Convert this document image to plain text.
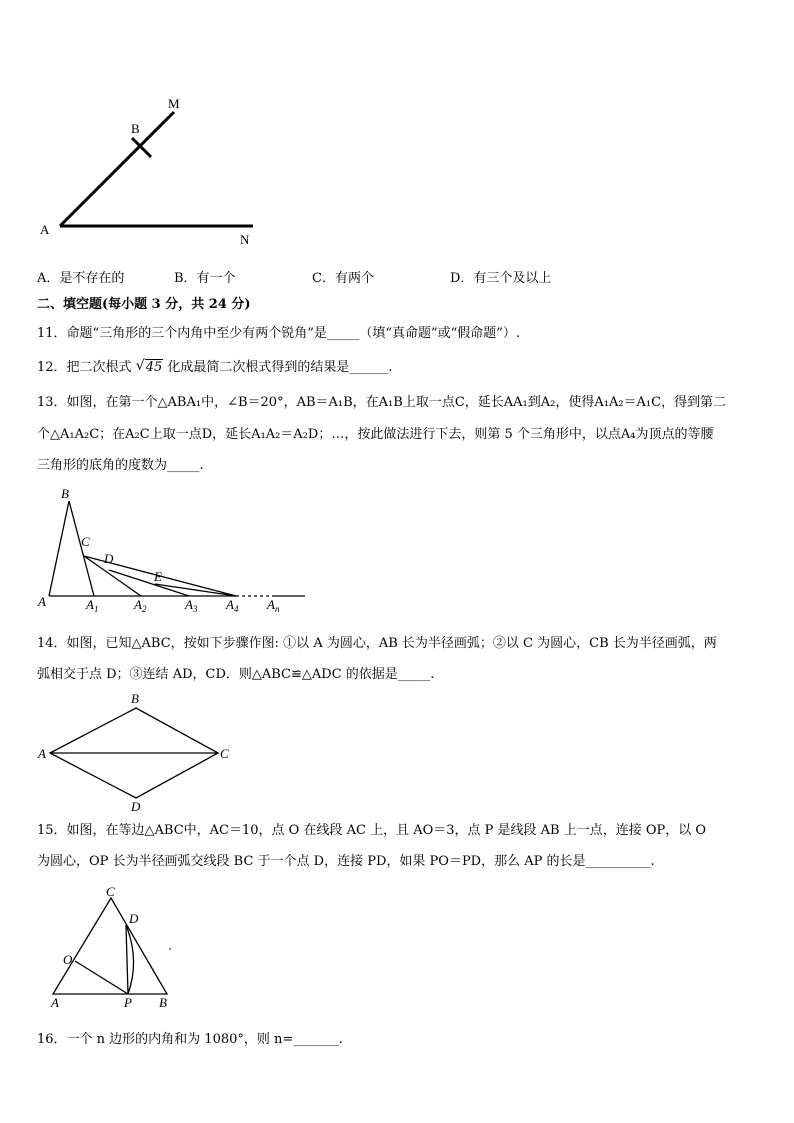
M
B
A
N
A．是不存在的	B．有一个	C．有两个	D．有三个及以上
二、填空题(每小题 3 分，共 24 分)
11．命题“三角形的三个内角中至少有两个锐角”是_____（填“真命题”或“假命题”）.
12．把二次根式 √ 45 化成最简二次根式得到的结果是______.
13．如图，在第一个△ABA₁中，∠B＝20°，AB＝A₁B，在A₁B上取一点C，延长AA₁到A₂，使得A₁A₂＝A₁C，得到第二
个△A₁A₂C；在A₂C上取一点D，延长A₁A₂＝A₂D；…，按此做法进行下去，则第 5 个三角形中，以点A₄为顶点的等腰
三角形的底角的度数为_____.
B
C
D
E
A	$A_1$	$A_2$	$A_3$ $A_4$ $A_n$
14．如图，已知△ABC，按如下步骤作图: ①以 A 为圆心，AB 长为半径画弧；②以 C 为圆心，CB 长为半径画弧，两
弧相交于点 D；③连结 AD，CD．则△ABC≌△ADC 的依据是_____.
B
A	C
D
15．如图，在等边△ABC中，AC＝10，点 O 在线段 AC 上，且 AO＝3，点 P 是线段 AB 上一点，连接 OP，以 O
为圆心，OP 长为半径画弧交线段 BC 于一个点 D，连接 PD，如果 PO＝PD，那么 AP 的长是__________.
C
D
O
A	P B
16．一个 n 边形的内角和为 1080°，则 n=_______.
